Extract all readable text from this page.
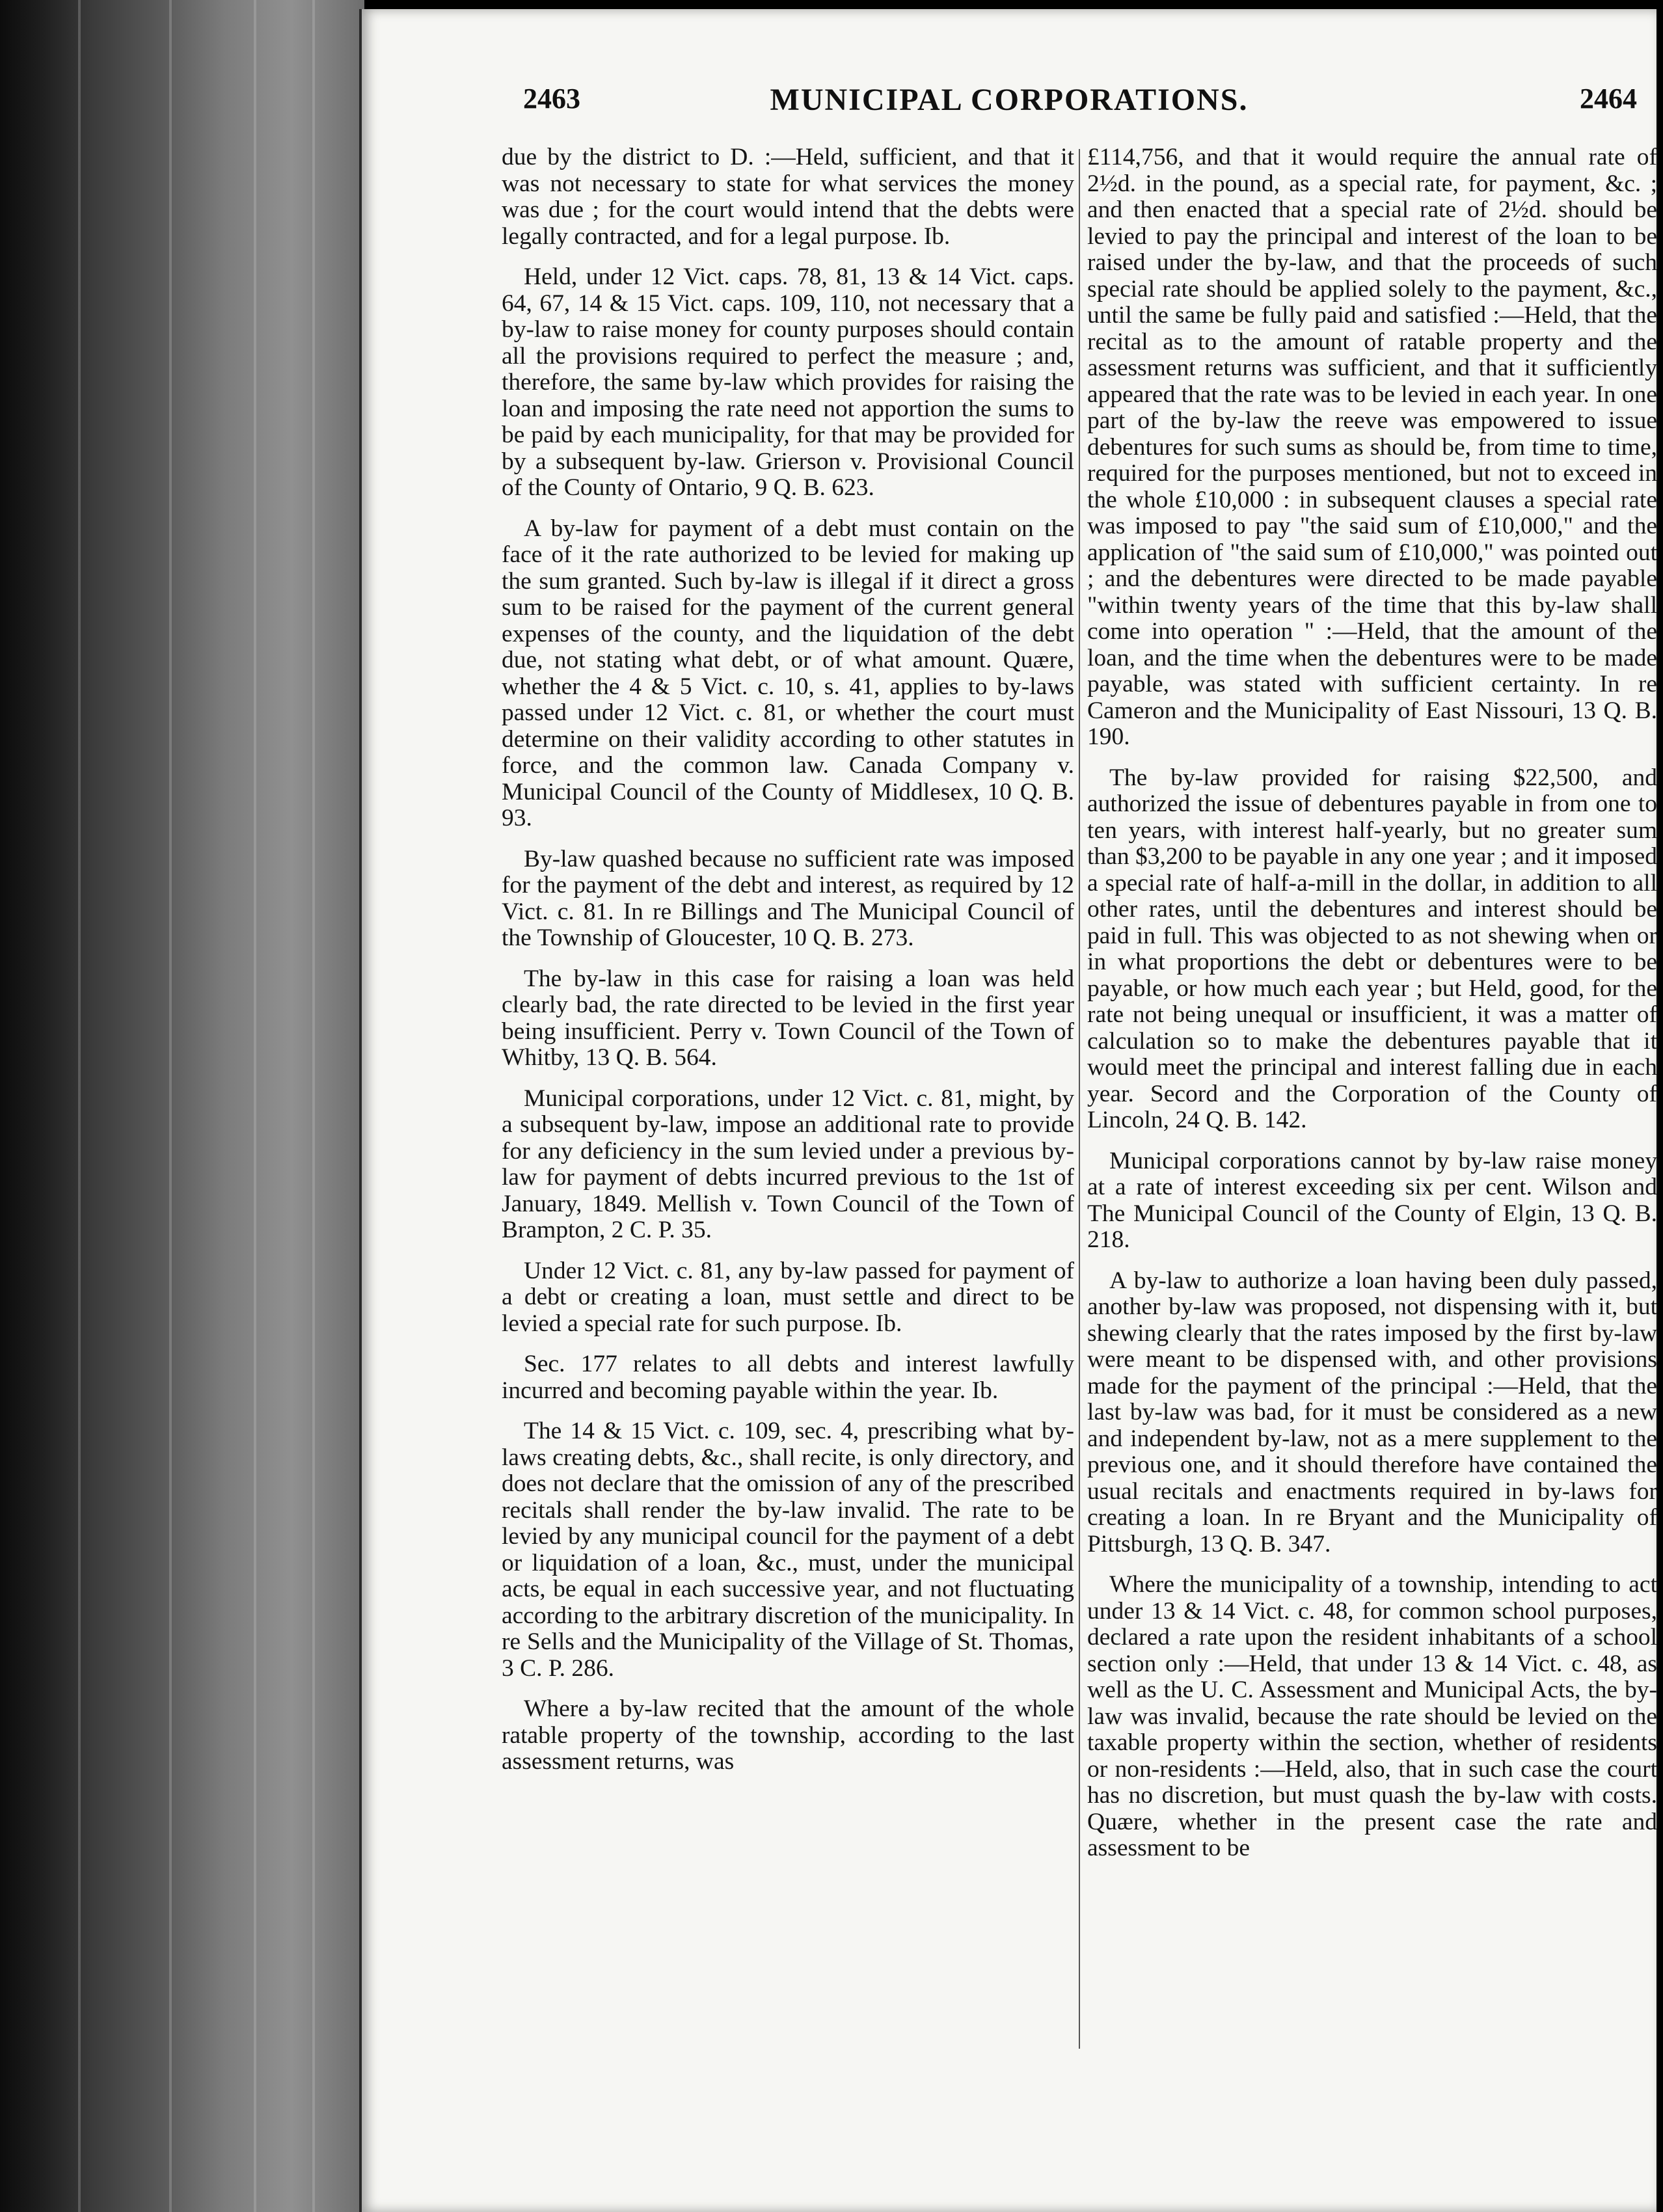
2463	MUNICIPAL CORPORATIONS.	2464

due by the district to D. :—Held, sufficient, and that it was not necessary to state for what services the money was due ; for the court would intend that the debts were legally contracted, and for a legal purpose. Ib.

Held, under 12 Vict. caps. 78, 81, 13 & 14 Vict. caps. 64, 67, 14 & 15 Vict. caps. 109, 110, not necessary that a by-law to raise money for county purposes should contain all the provisions required to perfect the measure ; and, therefore, the same by-law which provides for raising the loan and imposing the rate need not apportion the sums to be paid by each municipality, for that may be provided for by a subsequent by-law. Grierson v. Provisional Council of the County of Ontario, 9 Q. B. 623.

A by-law for payment of a debt must contain on the face of it the rate authorized to be levied for making up the sum granted. Such by-law is illegal if it direct a gross sum to be raised for the payment of the current general expenses of the county, and the liquidation of the debt due, not stating what debt, or of what amount. Quære, whether the 4 & 5 Vict. c. 10, s. 41, applies to by-laws passed under 12 Vict. c. 81, or whether the court must determine on their validity according to other statutes in force, and the common law. Canada Company v. Municipal Council of the County of Middlesex, 10 Q. B. 93.

By-law quashed because no sufficient rate was imposed for the payment of the debt and interest, as required by 12 Vict. c. 81. In re Billings and The Municipal Council of the Township of Gloucester, 10 Q. B. 273.

The by-law in this case for raising a loan was held clearly bad, the rate directed to be levied in the first year being insufficient. Perry v. Town Council of the Town of Whitby, 13 Q. B. 564.

Municipal corporations, under 12 Vict. c. 81, might, by a subsequent by-law, impose an additional rate to provide for any deficiency in the sum levied under a previous by-law for payment of debts incurred previous to the 1st of January, 1849. Mellish v. Town Council of the Town of Brampton, 2 C. P. 35.

Under 12 Vict. c. 81, any by-law passed for payment of a debt or creating a loan, must settle and direct to be levied a special rate for such purpose. Ib.

Sec. 177 relates to all debts and interest lawfully incurred and becoming payable within the year. Ib.

The 14 & 15 Vict. c. 109, sec. 4, prescribing what by-laws creating debts, &c., shall recite, is only directory, and does not declare that the omission of any of the prescribed recitals shall render the by-law invalid. The rate to be levied by any municipal council for the payment of a debt or liquidation of a loan, &c., must, under the municipal acts, be equal in each successive year, and not fluctuating according to the arbitrary discretion of the municipality. In re Sells and the Municipality of the Village of St. Thomas, 3 C. P. 286.

Where a by-law recited that the amount of the whole ratable property of the township, according to the last assessment returns, was

£114,756, and that it would require the annual rate of 2½d. in the pound, as a special rate, for payment, &c. ; and then enacted that a special rate of 2½d. should be levied to pay the principal and interest of the loan to be raised under the by-law, and that the proceeds of such special rate should be applied solely to the payment, &c., until the same be fully paid and satisfied :—Held, that the recital as to the amount of ratable property and the assessment returns was sufficient, and that it sufficiently appeared that the rate was to be levied in each year. In one part of the by-law the reeve was empowered to issue debentures for such sums as should be, from time to time, required for the purposes mentioned, but not to exceed in the whole £10,000 : in subsequent clauses a special rate was imposed to pay "the said sum of £10,000," and the application of "the said sum of £10,000," was pointed out ; and the debentures were directed to be made payable "within twenty years of the time that this by-law shall come into operation " :—Held, that the amount of the loan, and the time when the debentures were to be made payable, was stated with sufficient certainty. In re Cameron and the Municipality of East Nissouri, 13 Q. B. 190.

The by-law provided for raising $22,500, and authorized the issue of debentures payable in from one to ten years, with interest half-yearly, but no greater sum than $3,200 to be payable in any one year ; and it imposed a special rate of half-a-mill in the dollar, in addition to all other rates, until the debentures and interest should be paid in full. This was objected to as not shewing when or in what proportions the debt or debentures were to be payable, or how much each year ; but Held, good, for the rate not being unequal or insufficient, it was a matter of calculation so to make the debentures payable that it would meet the principal and interest falling due in each year. Secord and the Corporation of the County of Lincoln, 24 Q. B. 142.

Municipal corporations cannot by by-law raise money at a rate of interest exceeding six per cent. Wilson and The Municipal Council of the County of Elgin, 13 Q. B. 218.

A by-law to authorize a loan having been duly passed, another by-law was proposed, not dispensing with it, but shewing clearly that the rates imposed by the first by-law were meant to be dispensed with, and other provisions made for the payment of the principal :—Held, that the last by-law was bad, for it must be considered as a new and independent by-law, not as a mere supplement to the previous one, and it should therefore have contained the usual recitals and enactments required in by-laws for creating a loan. In re Bryant and the Municipality of Pittsburgh, 13 Q. B. 347.

Where the municipality of a township, intending to act under 13 & 14 Vict. c. 48, for common school purposes, declared a rate upon the resident inhabitants of a school section only :—Held, that under 13 & 14 Vict. c. 48, as well as the U. C. Assessment and Municipal Acts, the by-law was invalid, because the rate should be levied on the taxable property within the section, whether of residents or non-residents :—Held, also, that in such case the court has no discretion, but must quash the by-law with costs. Quære, whether in the present case the rate and assessment to be
